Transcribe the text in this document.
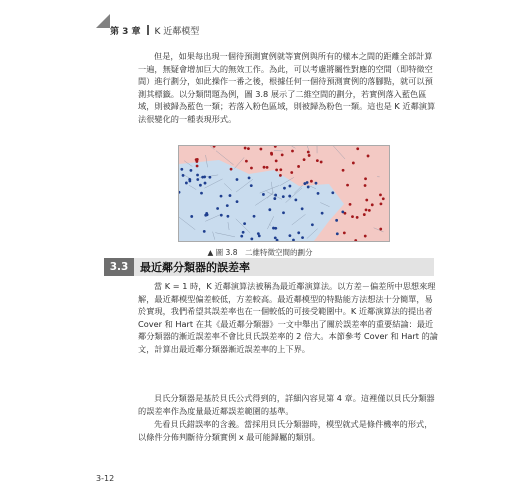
第 3 章 K 近鄰模型

但是，如果每出現一個待預測實例就等實例與所有的樣本之間的距離全部計算一遍，無疑會增加巨大的無效工作。為此，可以考慮將屬性對應的空間（即特徵空間）進行劃分，如此操作一番之後，根據任何一個待預測實例的落腳點，就可以預測其標籤。以分類問題為例，圖 3.8 展示了二維空間的劃分，若實例落入藍色區域，則被歸為藍色一類；若落入粉色區域，則被歸為粉色一類。這也是 K 近鄰演算法很變化的一種表現形式。

▲ 圖 3.8　二維特徵空間的劃分
3.3	最近鄰分類器的誤差率

當 K = 1 時，K 近鄰演算法被稱為最近鄰演算法。以方差－偏差所中思想來理解，最近鄰模型偏差較低，方差較高。最近鄰模型的特點能方法想法十分簡單，易於實現，我們希望其誤差率也在一個較低的可接受範圍中。K 近鄰演算法的提出者 Cover 和 Hart 在其《最近鄰分類器》一文中舉出了關於誤差率的重要結論：最近鄰分類器的漸近誤差率不會比貝氏誤差率的 2 倍大。本節參考 Cover 和 Hart 的論文，計算出最近鄰分類器漸近誤差率的上下界。

貝氏分類器是基於貝氏公式得到的，詳細內容見第 4 章。這裡僅以貝氏分類器的誤差率作為度量最近鄰誤差範圍的基準。

先看貝氏錯誤率的含義。當採用貝氏分類器時，模型就式是條件機率的形式，以條件分佈判斷待分類實例 x 最可能歸屬的類別。

3-12
